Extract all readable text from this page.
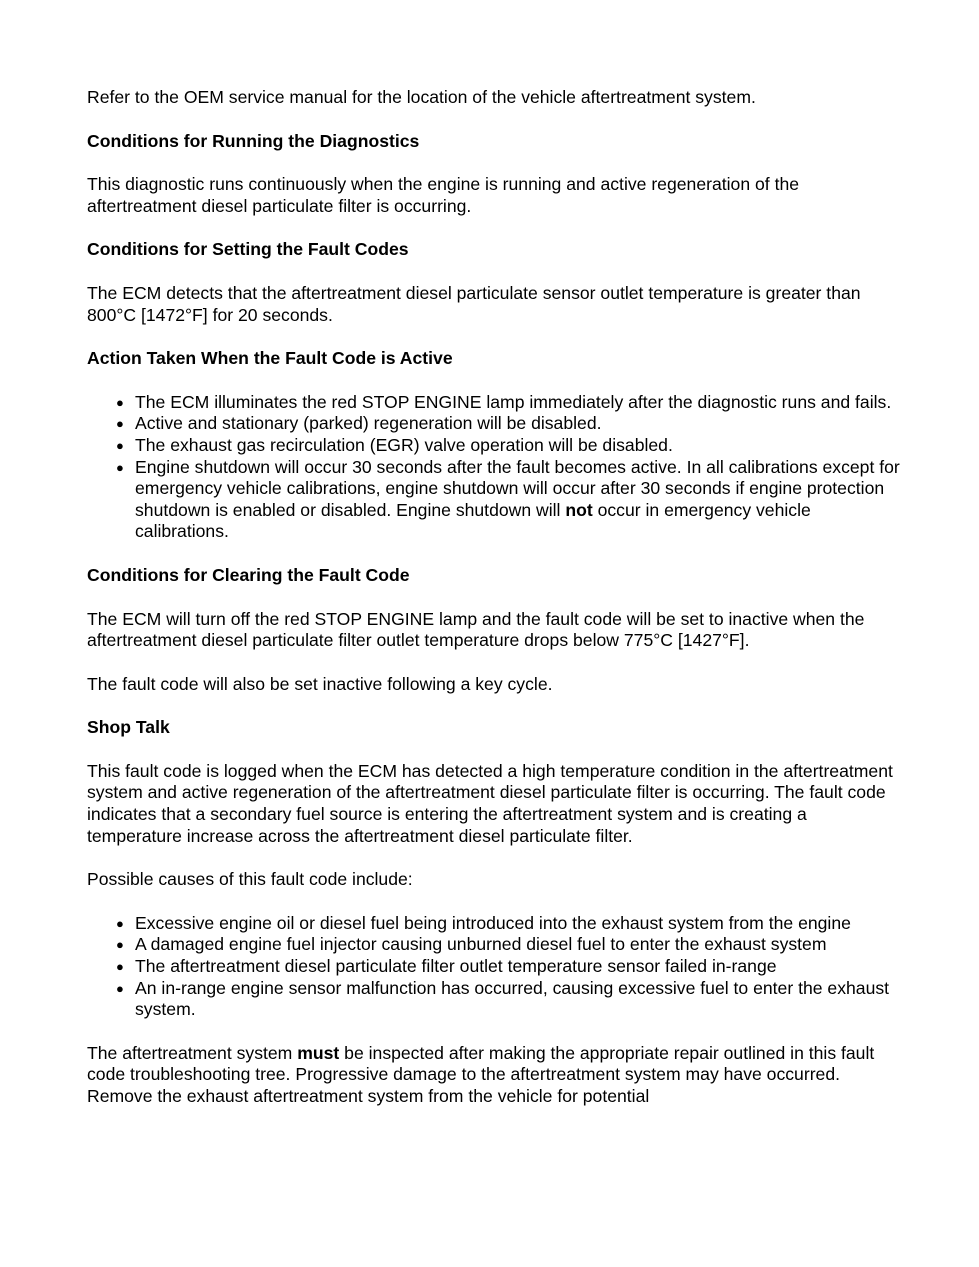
Refer to the OEM service manual for the location of the vehicle aftertreatment system.

Conditions for Running the Diagnostics

This diagnostic runs continuously when the engine is running and active regeneration of the aftertreatment diesel particulate filter is occurring.

Conditions for Setting the Fault Codes

The ECM detects that the aftertreatment diesel particulate sensor outlet temperature is greater than 800°C [1472°F] for 20 seconds.

Action Taken When the Fault Code is Active
● The ECM illuminates the red STOP ENGINE lamp immediately after the diagnostic runs and fails.
● Active and stationary (parked) regeneration will be disabled.
● The exhaust gas recirculation (EGR) valve operation will be disabled.
● Engine shutdown will occur 30 seconds after the fault becomes active. In all calibrations except for emergency vehicle calibrations, engine shutdown will occur after 30 seconds if engine protection shutdown is enabled or disabled. Engine shutdown will not occur in emergency vehicle calibrations.
Conditions for Clearing the Fault Code

The ECM will turn off the red STOP ENGINE lamp and the fault code will be set to inactive when the aftertreatment diesel particulate filter outlet temperature drops below 775°C [1427°F].

The fault code will also be set inactive following a key cycle.

Shop Talk

This fault code is logged when the ECM has detected a high temperature condition in the aftertreatment system and active regeneration of the aftertreatment diesel particulate filter is occurring. The fault code indicates that a secondary fuel source is entering the aftertreatment system and is creating a temperature increase across the aftertreatment diesel particulate filter.

Possible causes of this fault code include:

● Excessive engine oil or diesel fuel being introduced into the exhaust system from the engine
● A damaged engine fuel injector causing unburned diesel fuel to enter the exhaust system
● The aftertreatment diesel particulate filter outlet temperature sensor failed in-range
● An in-range engine sensor malfunction has occurred, causing excessive fuel to enter the exhaust system.

The aftertreatment system must be inspected after making the appropriate repair outlined in this fault code troubleshooting tree. Progressive damage to the aftertreatment system may have occurred. Remove the exhaust aftertreatment system from the vehicle for potential
